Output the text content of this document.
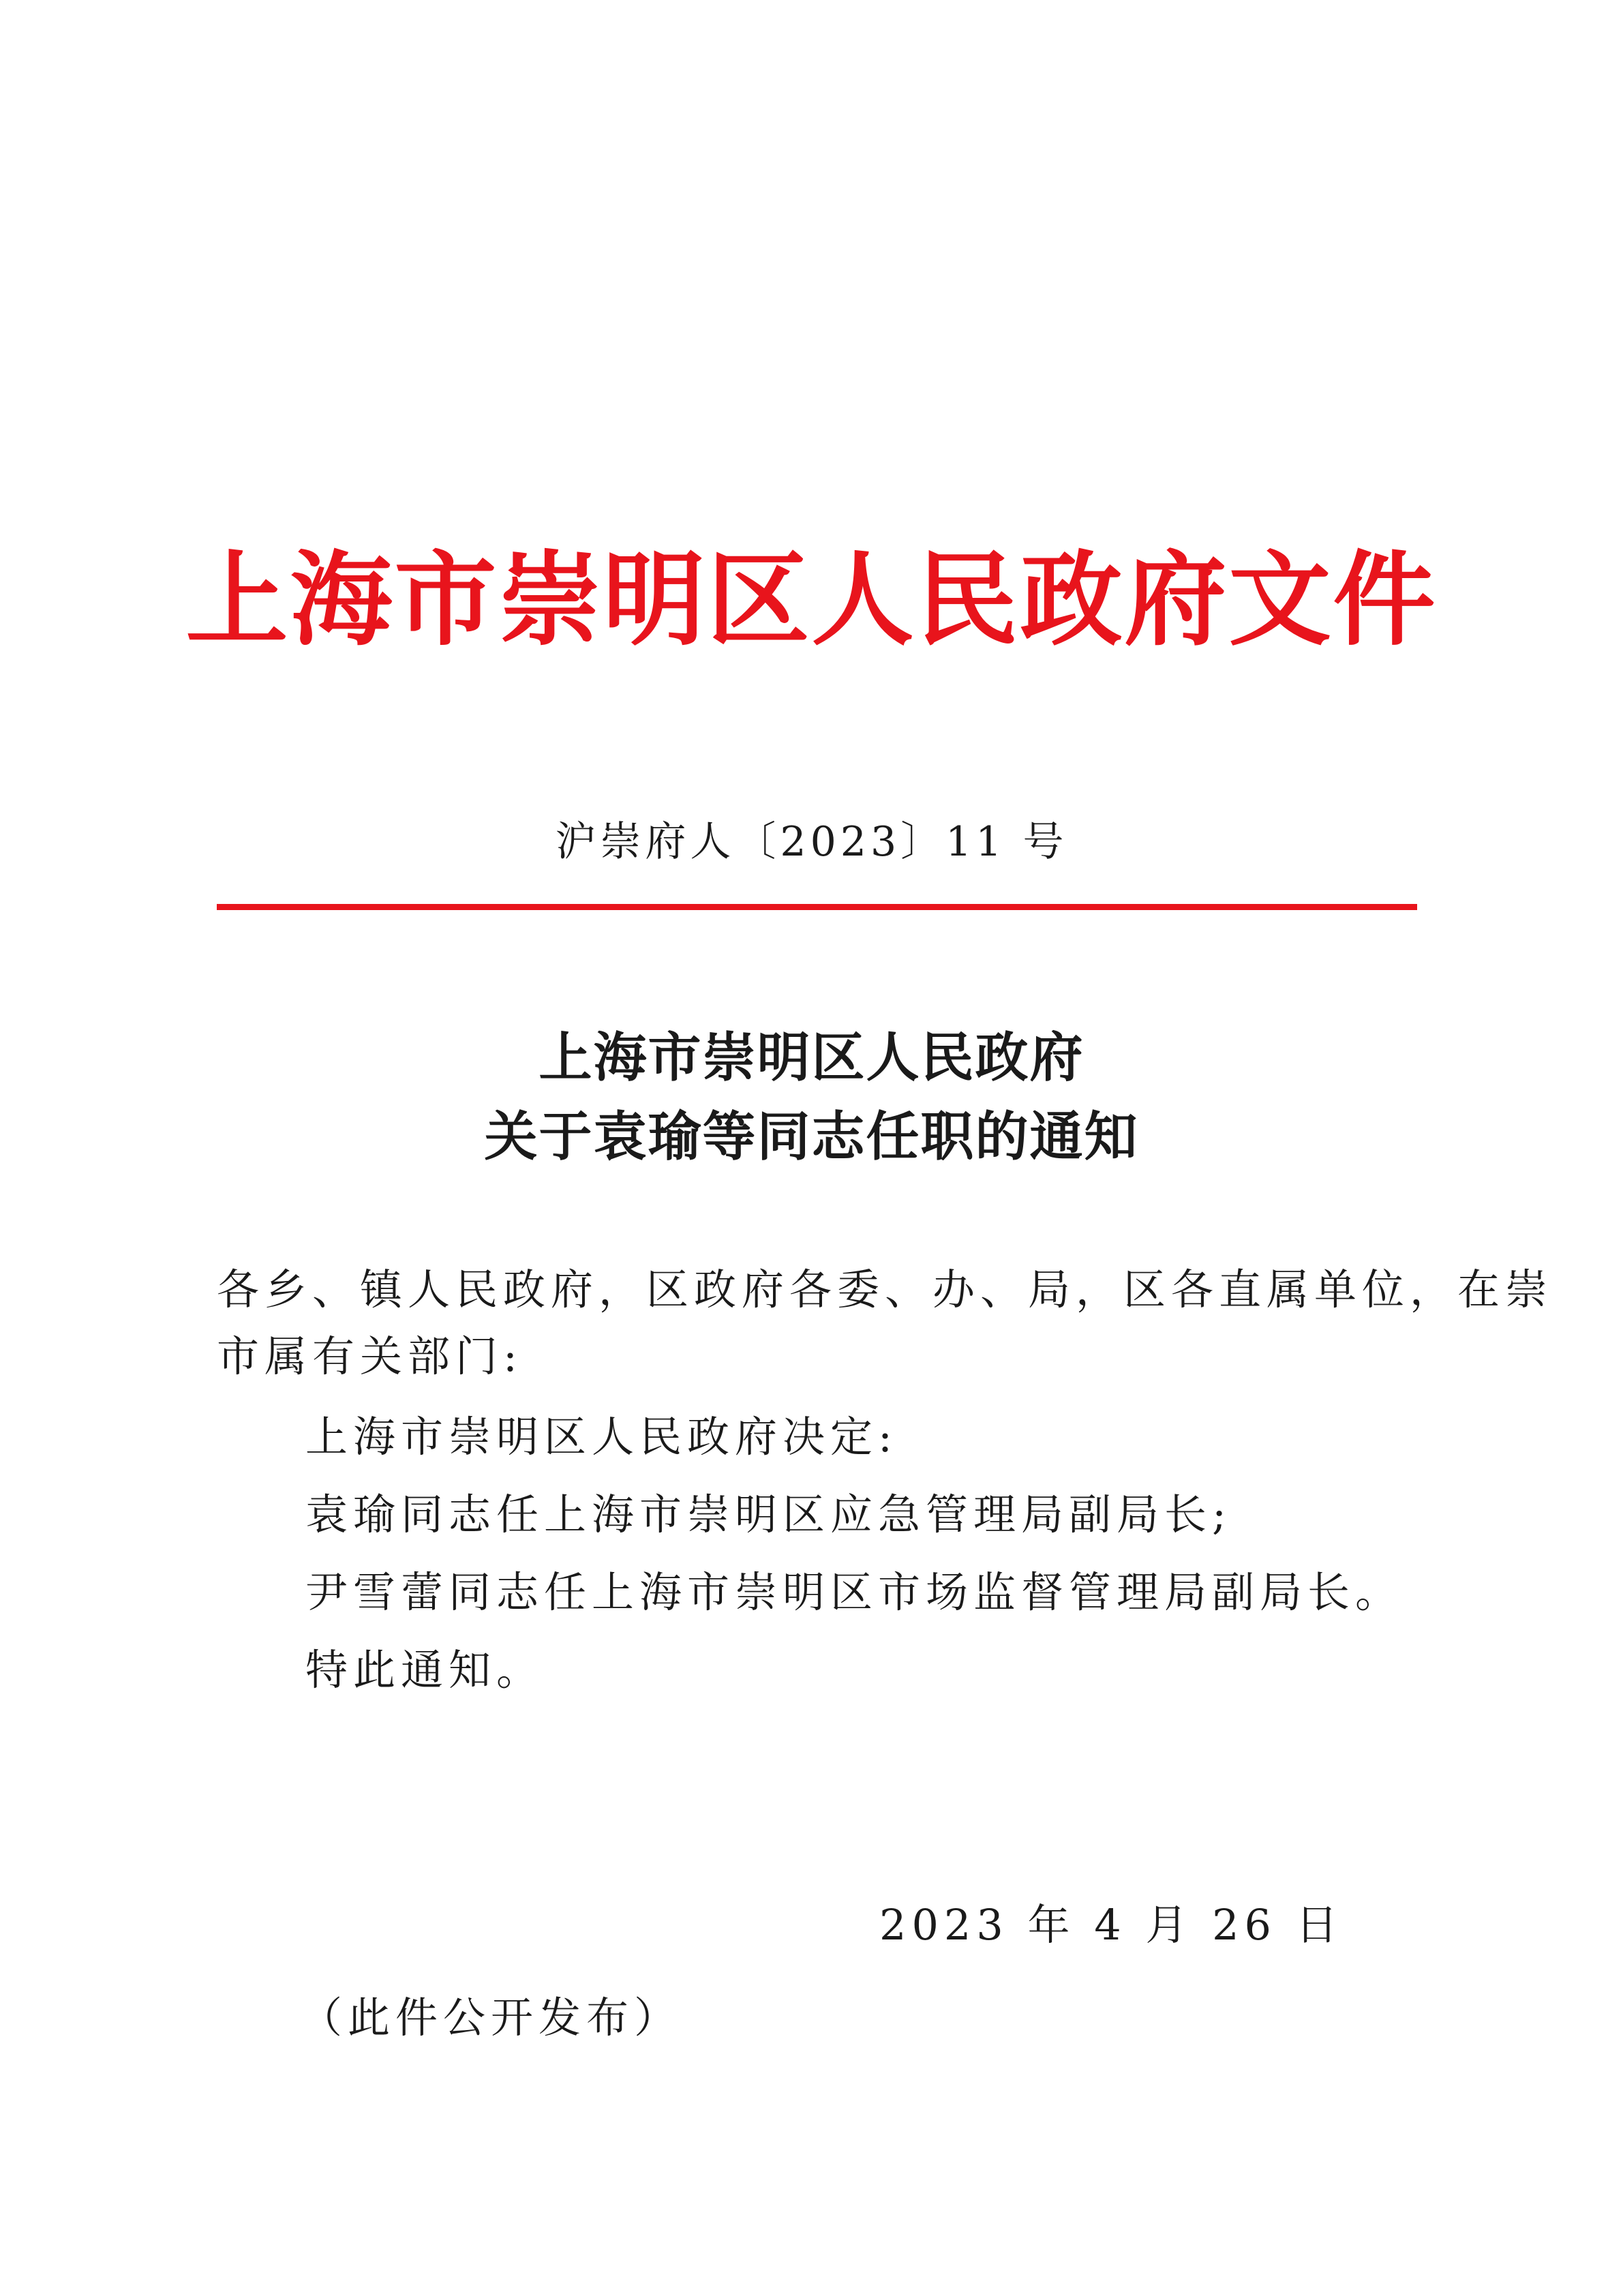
上海市崇明区人民政府文件
沪崇府人〔2023〕11 号
上海市崇明区人民政府
关于袁瑜等同志任职的通知
各乡、镇人民政府，区政府各委、办、局，区各直属单位，在崇
市属有关部门:
上海市崇明区人民政府决定:
袁瑜同志任上海市崇明区应急管理局副局长;
尹雪蕾同志任上海市崇明区市场监督管理局副局长。
特此通知。
2023 年 4 月 26 日
（此件公开发布）
